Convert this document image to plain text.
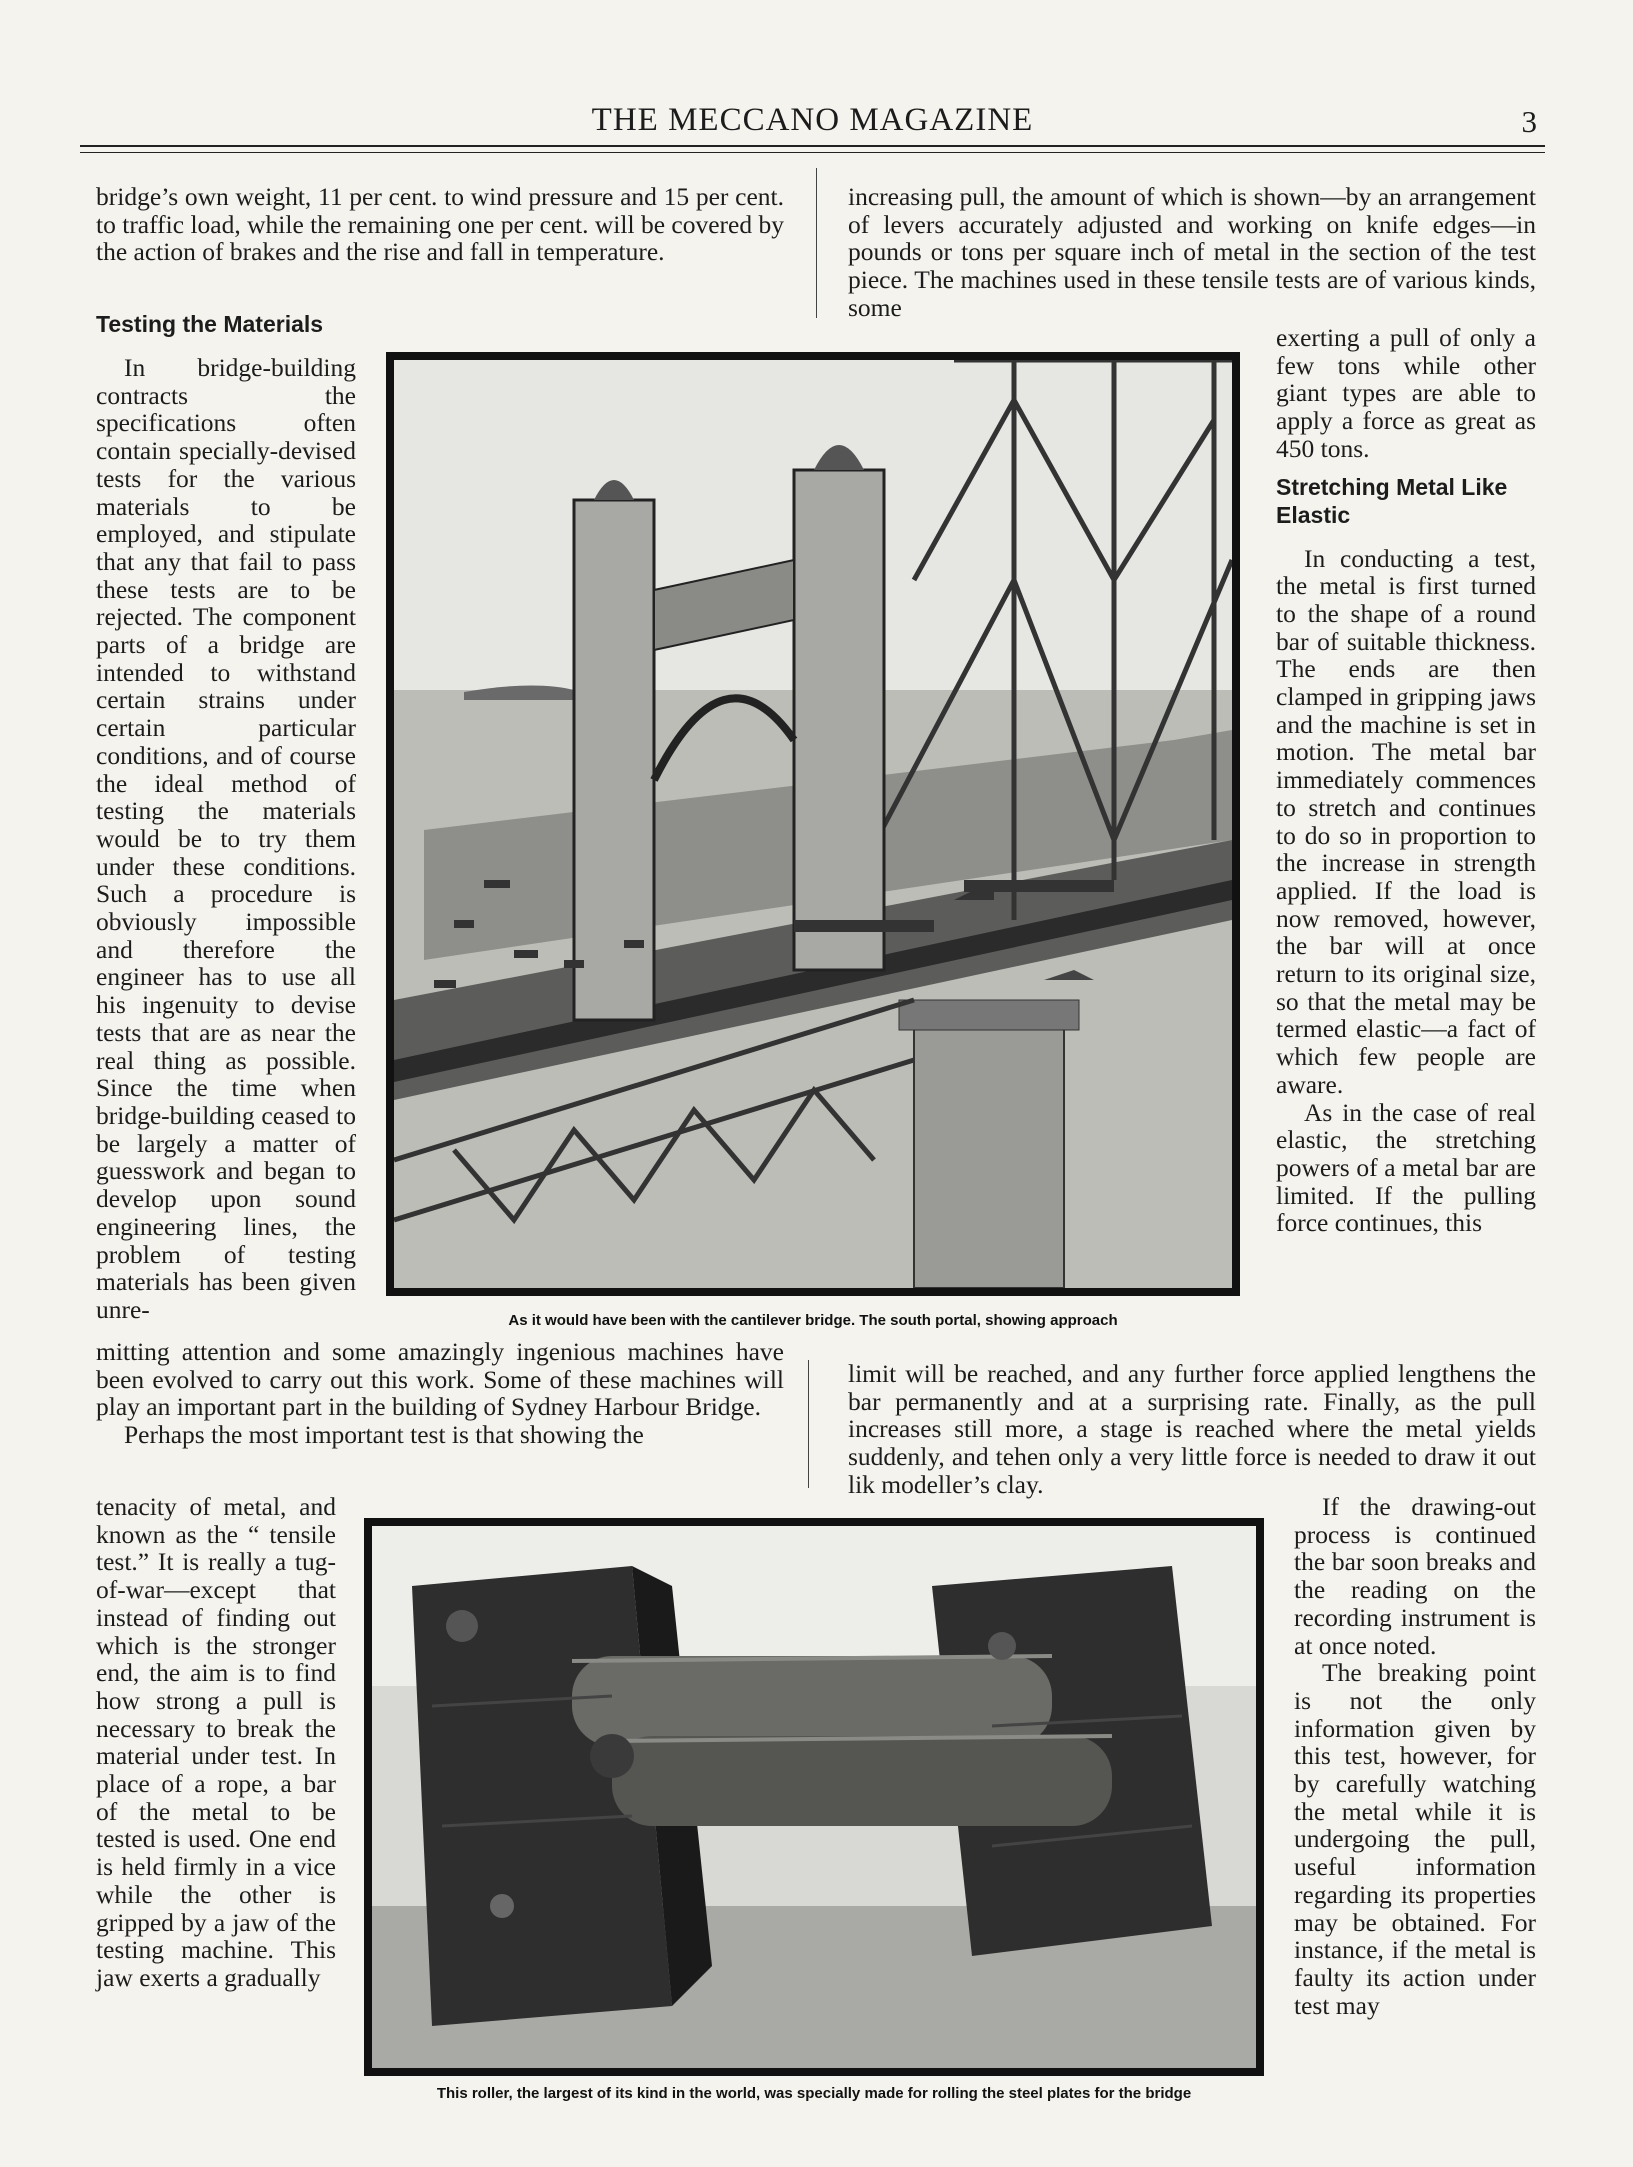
THE MECCANO MAGAZINE	3

bridge’s own weight, 11 per cent. to wind pressure and 15 per cent. to traffic load, while the remaining one per cent. will be covered by the action of brakes and the rise and fall in temperature.

Testing the Materials

In bridge-building contracts the specifications often contain specially-devised tests for the various materials to be employed, and stipulate that any that fail to pass these tests are to be rejected. The component parts of a bridge are intended to withstand certain strains under certain particular conditions, and of course the ideal method of testing the materials would be to try them under these conditions. Such a procedure is obviously impossible and therefore the engineer has to use all his ingenuity to devise tests that are as near the real thing as possible. Since the time when bridge-building ceased to be largely a matter of guesswork and began to develop upon sound engineering lines, the problem of testing materials has been given unre-

increasing pull, the amount of which is shown—by an arrangement of levers accurately adjusted and working on knife edges—in pounds or tons per square inch of metal in the section of the test piece. The machines used in these tensile tests are of various kinds, some

exerting a pull of only a few tons while other giant types are able to apply a force as great as 450 tons.

Stretching Metal Like Elastic

In conducting a test, the metal is first turned to the shape of a round bar of suitable thickness. The ends are then clamped in gripping jaws and the machine is set in motion. The metal bar immediately commences to stretch and continues to do so in proportion to the increase in strength applied. If the load is now removed, however, the bar will at once return to its original size, so that the metal may be termed elastic—a fact of which few people are aware.

As in the case of real elastic, the stretching powers of a metal bar are limited. If the pulling force continues, this

As it would have been with the cantilever bridge. The south portal, showing approach

mitting attention and some amazingly ingenious machines have been evolved to carry out this work. Some of these machines will play an important part in the building of Sydney Harbour Bridge.

Perhaps the most important test is that showing the

limit will be reached, and any further force applied lengthens the bar permanently and at a surprising rate. Finally, as the pull increases still more, a stage is reached where the metal yields suddenly, and tehen only a very little force is needed to draw it out lik modeller’s clay.

tenacity of metal, and known as the “ tensile test.” It is really a tug-of-war—except that instead of finding out which is the stronger end, the aim is to find how strong a pull is necessary to break the material under test. In place of a rope, a bar of the metal to be tested is used. One end is held firmly in a vice while the other is gripped by a jaw of the testing machine. This jaw exerts a gradually

This roller, the largest of its kind in the world, was specially made for rolling the steel plates for the bridge

If the drawing-out process is continued the bar soon breaks and the reading on the recording instrument is at once noted.

The breaking point is not the only information given by this test, however, for by carefully watching the metal while it is undergoing the pull, useful information regarding its properties may be obtained. For instance, if the metal is faulty its action under test may
